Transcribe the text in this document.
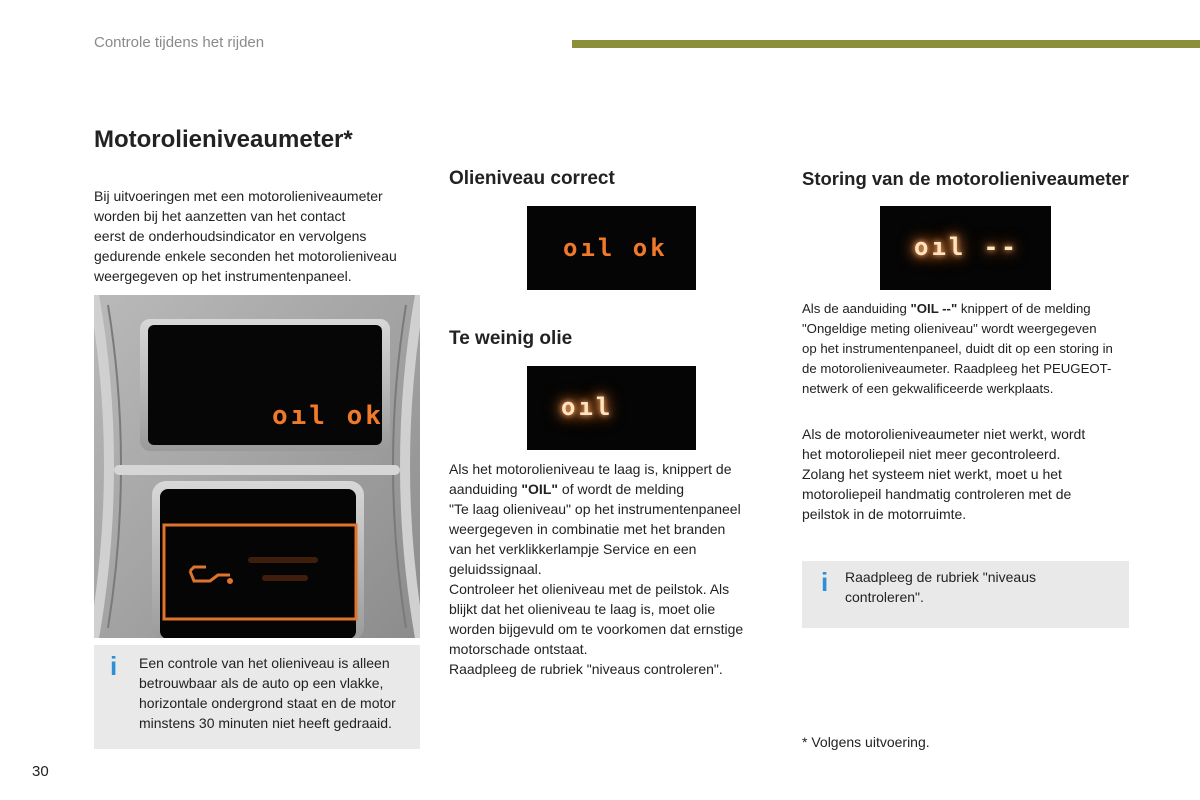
Controle tijdens het rijden
Motorolieniveaumeter*
Bij uitvoeringen met een motorolieniveaumeter
worden bij het aanzetten van het contact
eerst de onderhoudsindicator en vervolgens
gedurende enkele seconden het motorolieniveau
weergegeven op het instrumentenpaneel.
oıl ok
i Een controle van het olieniveau is alleen
betrouwbaar als de auto op een vlakke,
horizontale ondergrond staat en de motor
minstens 30 minuten niet heeft gedraaid.
Olieniveau correct
oıl ok
Te weinig olie
oıl
Als het motorolieniveau te laag is, knippert de
aanduiding "OIL" of wordt de melding
"Te laag olieniveau" op het instrumentenpaneel
weergegeven in combinatie met het branden
van het verklikkerlampje Service en een
geluidssignaal.
Controleer het olieniveau met de peilstok. Als
blijkt dat het olieniveau te laag is, moet olie
worden bijgevuld om te voorkomen dat ernstige
motorschade ontstaat.
Raadpleeg de rubriek "niveaus controleren".
Storing van de motorolieniveaumeter
oıl --
Als de aanduiding "OIL --" knippert of de melding
"Ongeldige meting olieniveau" wordt weergegeven
op het instrumentenpaneel, duidt dit op een storing in
de motorolieniveaumeter. Raadpleeg het PEUGEOT-
netwerk of een gekwalificeerde werkplaats.
Als de motorolieniveaumeter niet werkt, wordt
het motoroliepeil niet meer gecontroleerd.
Zolang het systeem niet werkt, moet u het
motoroliepeil handmatig controleren met de
peilstok in de motorruimte.
i Raadpleeg de rubriek "niveaus
controleren".
* Volgens uitvoering.
30
